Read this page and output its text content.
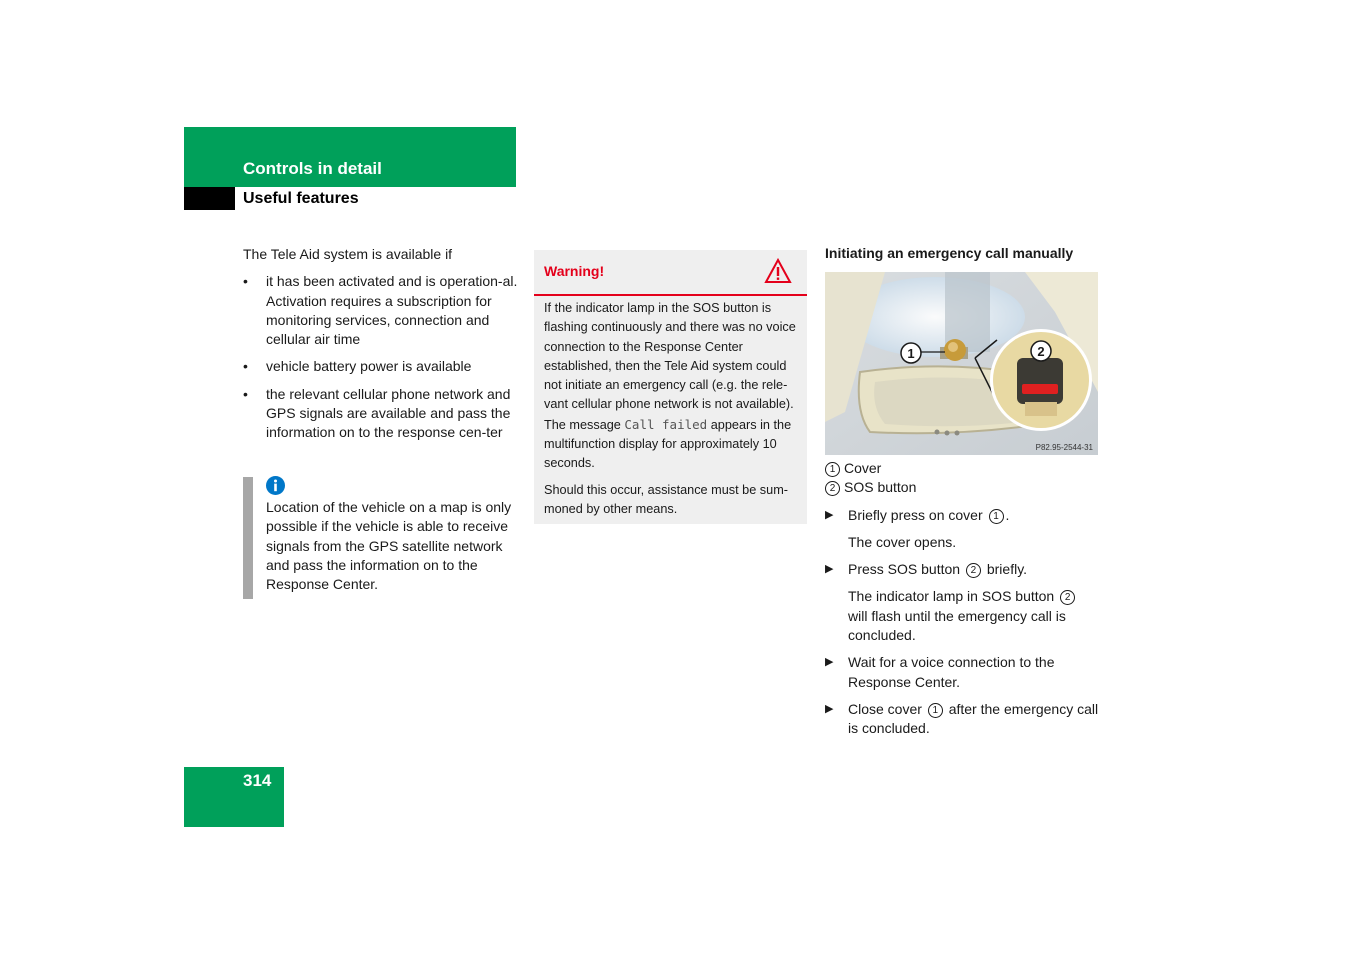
Controls in detail
Useful features

The Tele Aid system is available if

• it has been activated and is operation-al. Activation requires a subscription for monitoring services, connection and cellular air time
• vehicle battery power is available
• the relevant cellular phone network and GPS signals are available and pass the information on to the response cen-ter
Location of the vehicle on a map is only possible if the vehicle is able to receive signals from the GPS satellite network and pass the information on to the Response Center.
Warning!

If the indicator lamp in the SOS button is flashing continuously and there was no voice connection to the Response Center established, then the Tele Aid system could not initiate an emergency call (e.g. the rele-vant cellular phone network is not available). The message Call failed appears in the multifunction display for approximately 10 seconds.

Should this occur, assistance must be sum-moned by other means.

Initiating an emergency call manually
1	2
P82.95-2544-31
1 Cover
2 SOS button
▶ Briefly press on cover 1 .
The cover opens.
▶ Press SOS button 2 briefly.
The indicator lamp in SOS button 2 will flash until the emergency call is concluded.
▶ Wait for a voice connection to the Response Center.
▶ Close cover 1 after the emergency call is concluded.
314
